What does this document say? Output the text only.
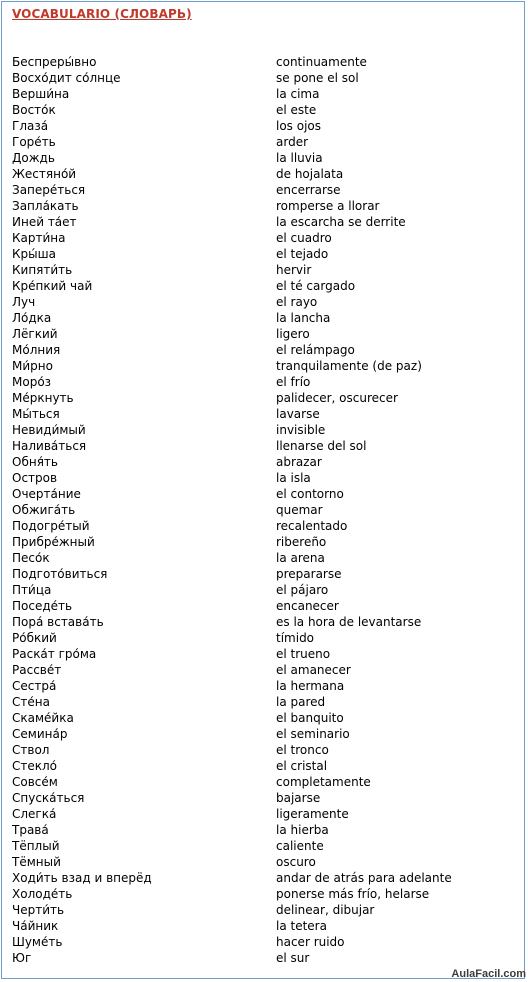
VOCABULARIO (СЛОВАРЬ)
Беспреры́вно	continuamente
Восхо́дит со́лнце	se pone el sol
Верши́на	la cima
Восто́к	el este
Глаза́	los ojos
Горе́ть	arder
Дождь	la lluvia
Жестяно́й	de hojalata
Запере́ться	encerrarse
Запла́кать	romperse a llorar
Иней та́ет	la escarcha se derrite
Карти́на	el cuadro
Кры́ша	el tejado
Кипяти́ть	hervir
Кре́пкий чай	el té cargado
Луч	el rayo
Ло́дка	la lancha
Лёгкий	ligero
Мо́лния	el relámpago
Ми́рно	tranquilamente (de paz)
Моро́з	el frío
Ме́ркнуть	palidecer, oscurecer
Мы́ться	lavarse
Невиди́мый	invisible
Налива́ться	llenarse del sol
Обня́ть	abrazar
Остров	la isla
Очерта́ние	el contorno
Обжига́ть	quemar
Подогре́тый	recalentado
Прибре́жный	ribereño
Песо́к	la arena
Подгото́виться	prepararse
Пти́ца	el pájaro
Поседе́ть	encanecer
Пора́ встава́ть	es la hora de levantarse
Ро́бкий	tímido
Раска́т гро́ма	el trueno
Рассве́т	el amanecer
Сестра́	la hermana
Сте́на	la pared
Скаме́йка	el banquito
Семина́р	el seminario
Ствол	el tronco
Стекло́	el cristal
Совсе́м	completamente
Спуска́ться	bajarse
Слегка́	ligeramente
Трава́	la hierba
Тёплый	caliente
Тёмный	oscuro
Ходи́ть взад и вперёд	andar de atrás para adelante
Холоде́ть	ponerse más frío, helarse
Черти́ть	delinear, dibujar
Ча́йник	la tetera
Шуме́ть	hacer ruido
Юг	el sur
AulaFacil.com
